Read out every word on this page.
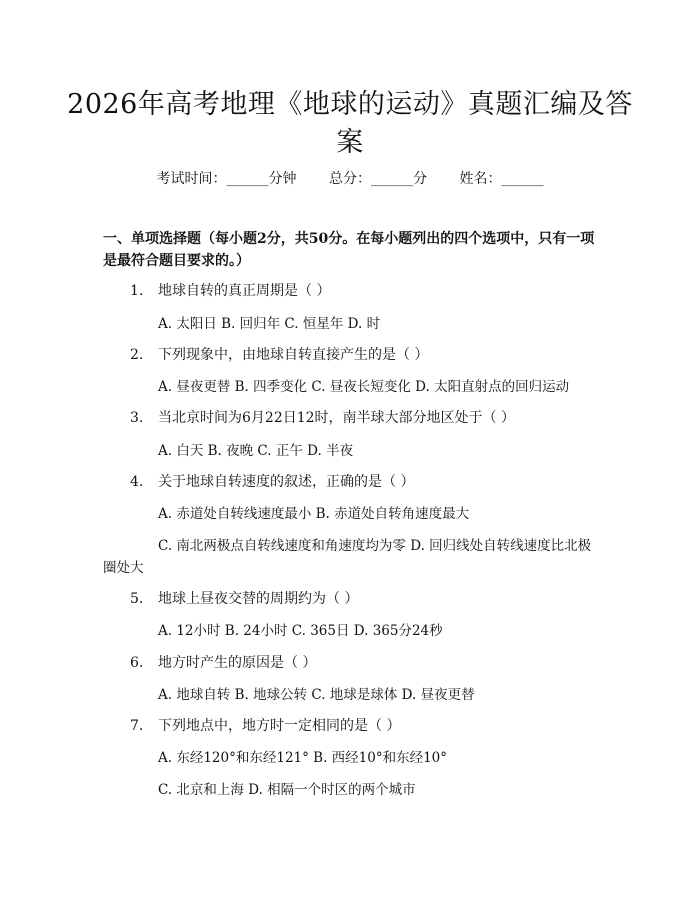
2026年高考地理《地球的运动》真题汇编及答案
考试时间：______分钟 总分：______分 姓名：______
一、单项选择题（每小题2分，共50分。在每小题列出的四个选项中，只有一项是最符合题目要求的。）
1. 地球自转的真正周期是（ ）
A. 太阳日 B. 回归年 C. 恒星年 D. 时
2. 下列现象中，由地球自转直接产生的是（ ）
A. 昼夜更替 B. 四季变化 C. 昼夜长短变化 D. 太阳直射点的回归运动
3. 当北京时间为6月22日12时，南半球大部分地区处于（ ）
A. 白天 B. 夜晚 C. 正午 D. 半夜
4. 关于地球自转速度的叙述，正确的是（ ）
A. 赤道处自转线速度最小 B. 赤道处自转角速度最大
C. 南北两极点自转线速度和角速度均为零 D. 回归线处自转线速度比北极圈处大
5. 地球上昼夜交替的周期约为（ ）
A. 12小时 B. 24小时 C. 365日 D. 365分24秒
6. 地方时产生的原因是（ ）
A. 地球自转 B. 地球公转 C. 地球是球体 D. 昼夜更替
7. 下列地点中，地方时一定相同的是（ ）
A. 东经120°和东经121° B. 西经10°和东经10°
C. 北京和上海 D. 相隔一个时区的两个城市
